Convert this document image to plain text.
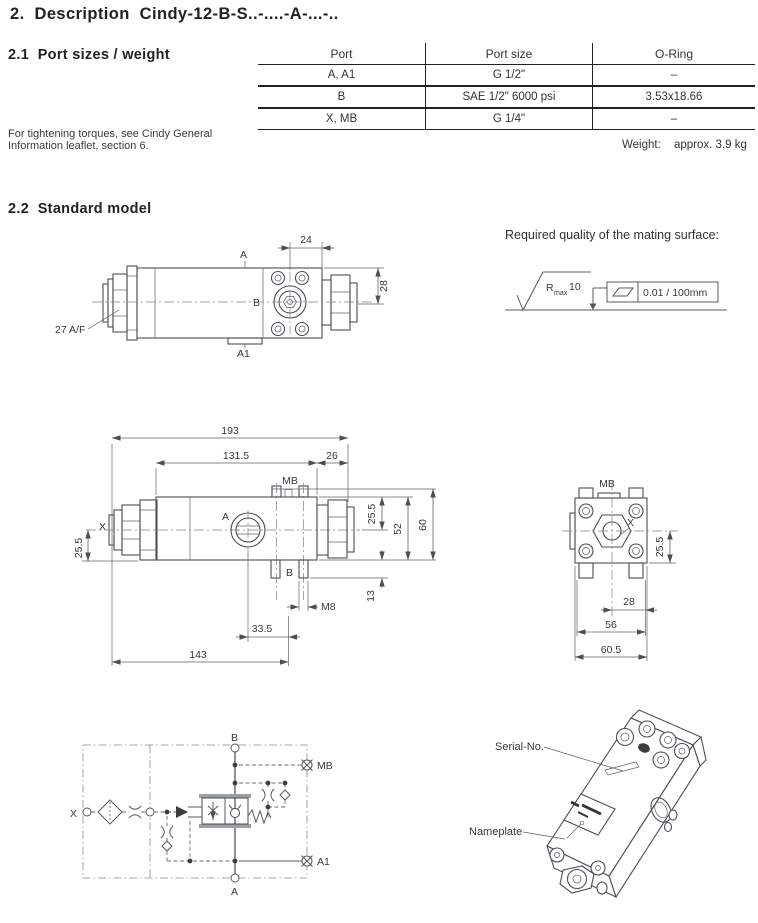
2.  Description  Cindy-12-B-S..-....-A-...-..
2.1  Port sizes / weight	Port	Port size	O-Ring
A, A1	G 1/2"	–
B	SAE 1/2" 6000 psi	3.53x18.66
X, MB	G 1/4"	–
For tightening torques, see Cindy General
Information leaflet, section 6.	Weight: approx. 3.9 kg
2.2  Standard model
24
28
A
B
A1
27 A/F
Required quality of the mating surface:
R max
10	0.01 / 100mm
193
131.5	26
MB
X
A
B
25.5
M8
33.5
143
13
25.5
52 60
MB
X
25.5
28
56
60.5
B
A
X
MB
A1
Serial-No.
Nameplate
